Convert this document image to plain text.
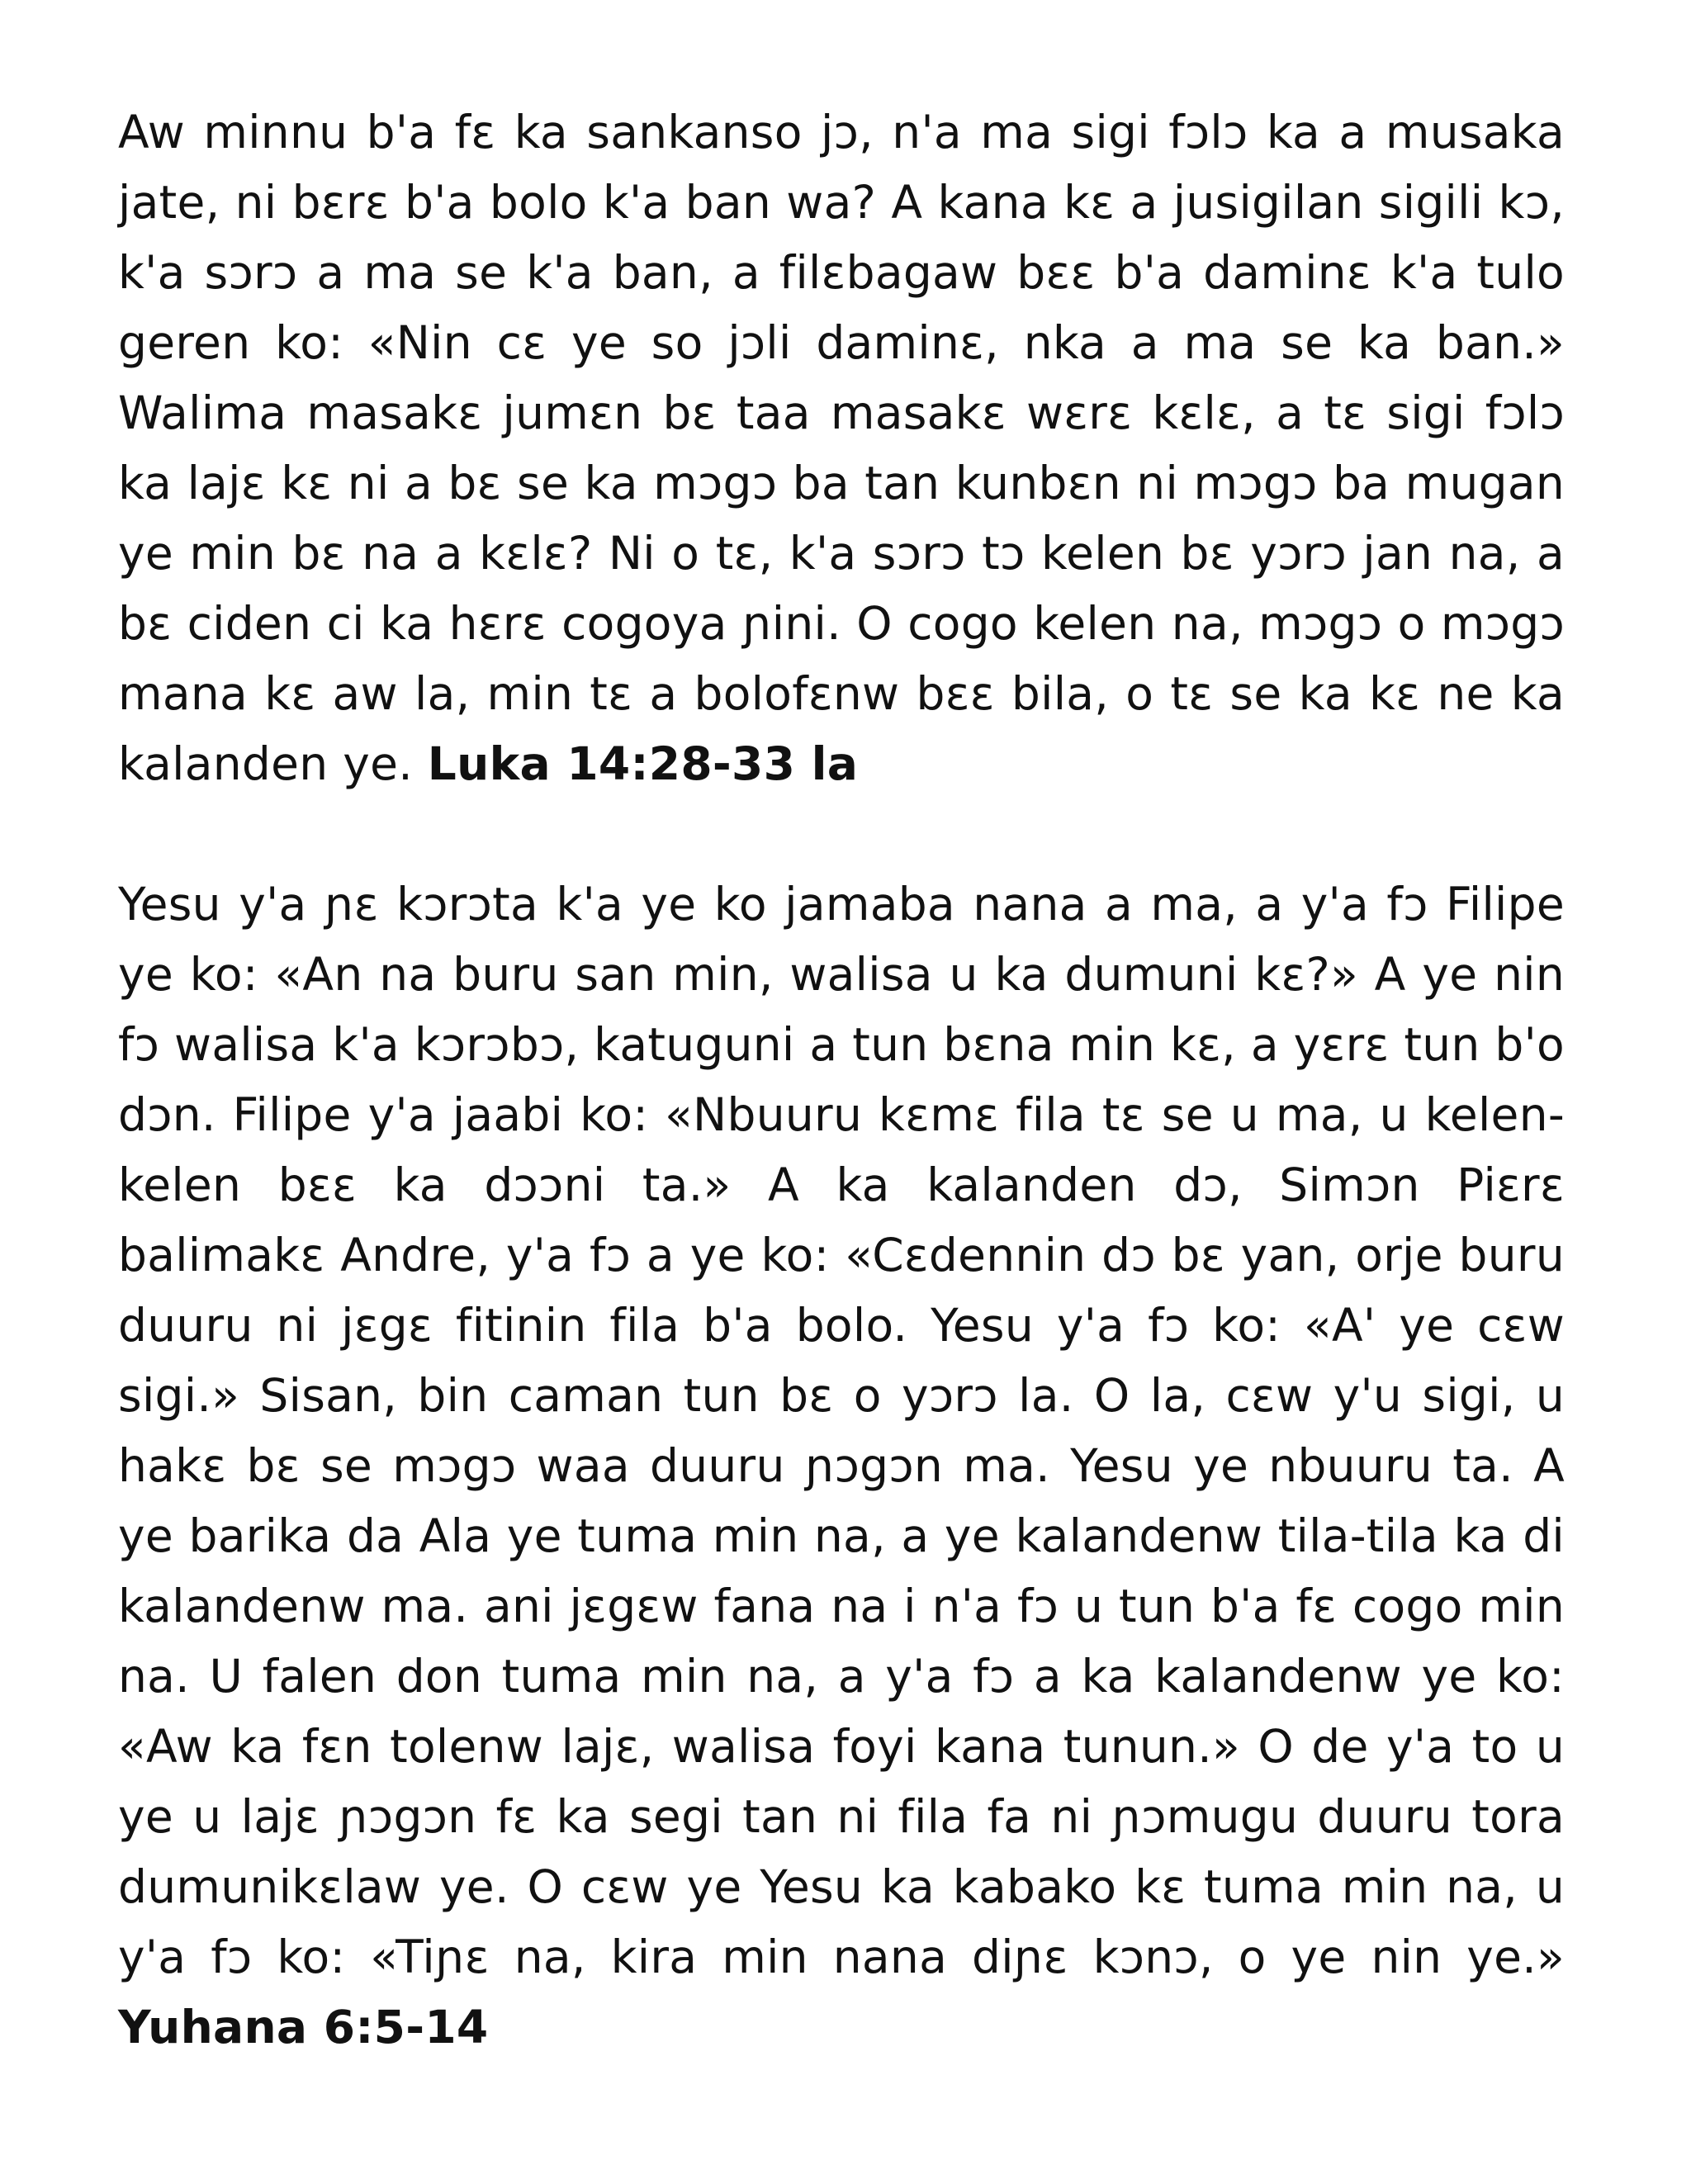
Aw minnu b'a fɛ ka sankanso jɔ, n'a ma sigi fɔlɔ ka a musaka jate, ni bɛrɛ b'a bolo k'a ban wa? A kana kɛ a jusigilan sigili kɔ, k'a sɔrɔ a ma se k'a ban, a filɛbagaw bɛɛ b'a daminɛ k'a tulo geren ko: «Nin cɛ ye so jɔli daminɛ, nka a ma se ka ban.» Walima masakɛ jumɛn bɛ taa masakɛ wɛrɛ kɛlɛ, a tɛ sigi fɔlɔ ka lajɛ kɛ ni a bɛ se ka mɔgɔ ba tan kunbɛn ni mɔgɔ ba mugan ye min bɛ na a kɛlɛ? Ni o tɛ, k'a sɔrɔ tɔ kelen bɛ yɔrɔ jan na, a bɛ ciden ci ka hɛrɛ cogoya ɲini. O cogo kelen na, mɔgɔ o mɔgɔ mana kɛ aw la, min tɛ a bolofɛnw bɛɛ bila, o tɛ se ka kɛ ne ka kalanden ye. Luka 14:28-33 la

Yesu y'a ɲɛ kɔrɔta k'a ye ko jamaba nana a ma, a y'a fɔ Filipe ye ko: «An na buru san min, walisa u ka dumuni kɛ?» A ye nin fɔ walisa k'a kɔrɔbɔ, katuguni a tun bɛna min kɛ, a yɛrɛ tun b'o dɔn. Filipe y'a jaabi ko: «Nbuuru kɛmɛ fila tɛ se u ma, u kelen-kelen bɛɛ ka dɔɔni ta.» A ka kalanden dɔ, Simɔn Piɛrɛ balimakɛ Andre, y'a fɔ a ye ko: «Cɛdennin dɔ bɛ yan, orje buru duuru ni jɛgɛ fitinin fila b'a bolo. Yesu y'a fɔ ko: «A' ye cɛw sigi.» Sisan, bin caman tun bɛ o yɔrɔ la. O la, cɛw y'u sigi, u hakɛ bɛ se mɔgɔ waa duuru ɲɔgɔn ma. Yesu ye nbuuru ta. A ye barika da Ala ye tuma min na, a ye kalandenw tila-tila ka di kalandenw ma. ani jɛgɛw fana na i n'a fɔ u tun b'a fɛ cogo min na. U falen don tuma min na, a y'a fɔ a ka kalandenw ye ko: «Aw ka fɛn tolenw lajɛ, walisa foyi kana tunun.» O de y'a to u ye u lajɛ ɲɔgɔn fɛ ka segi tan ni fila fa ni ɲɔmugu duuru tora dumunikɛlaw ye. O cɛw ye Yesu ka kabako kɛ tuma min na, u y'a fɔ ko: «Tiɲɛ na, kira min nana diɲɛ kɔnɔ, o ye nin ye.» Yuhana 6:5-14
